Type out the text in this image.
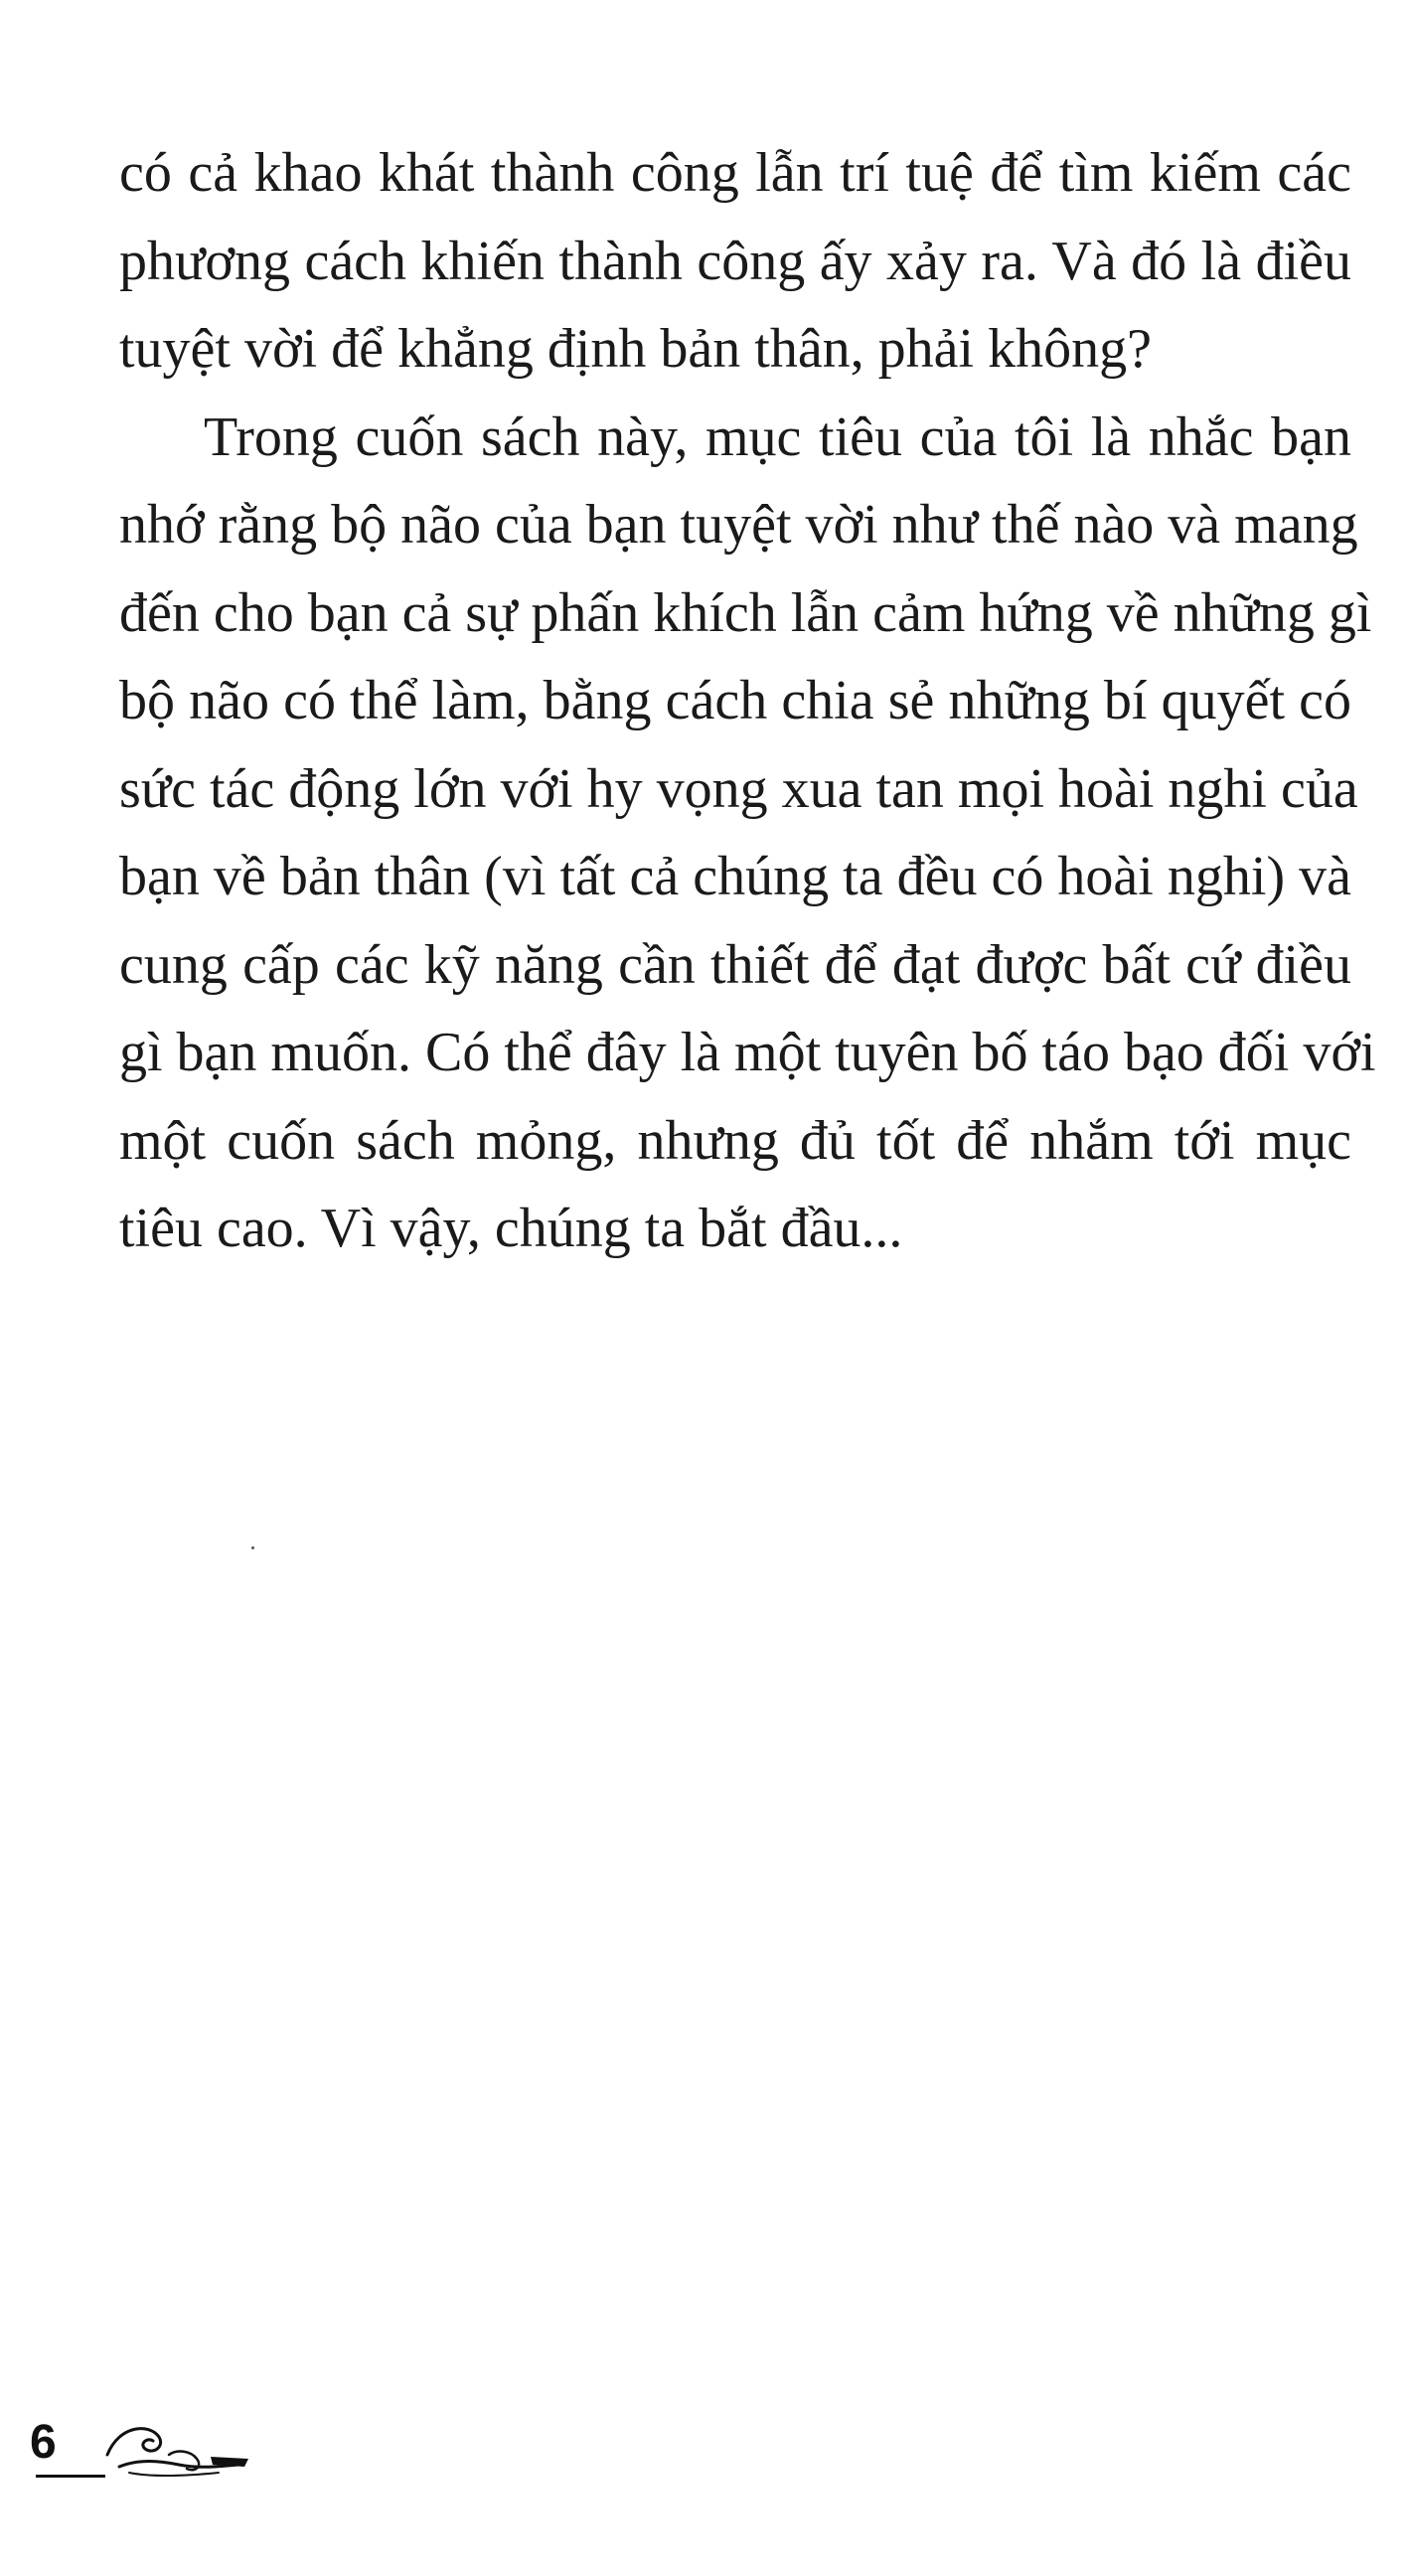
có cả khao khát thành công lẫn trí tuệ để tìm kiếm các
phương cách khiến thành công ấy xảy ra. Và đó là điều
tuyệt vời để khẳng định bản thân, phải không?
Trong cuốn sách này, mục tiêu của tôi là nhắc bạn
nhớ rằng bộ não của bạn tuyệt vời như thế nào và mang
đến cho bạn cả sự phấn khích lẫn cảm hứng về những gì
bộ não có thể làm, bằng cách chia sẻ những bí quyết có
sức tác động lớn với hy vọng xua tan mọi hoài nghi của
bạn về bản thân (vì tất cả chúng ta đều có hoài nghi) và
cung cấp các kỹ năng cần thiết để đạt được bất cứ điều
gì bạn muốn. Có thể đây là một tuyên bố táo bạo đối với
một cuốn sách mỏng, nhưng đủ tốt để nhắm tới mục
tiêu cao. Vì vậy, chúng ta bắt đầu...
6
